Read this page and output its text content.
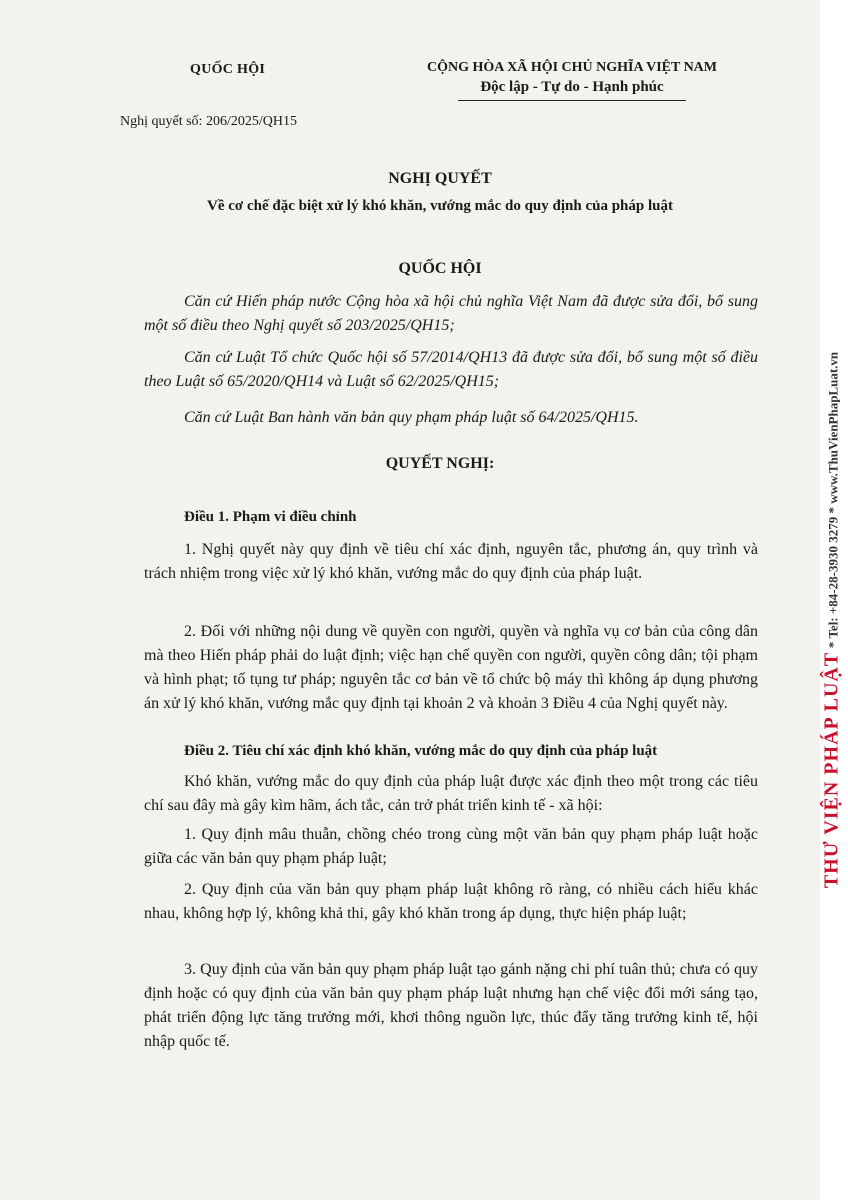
QUỐC HỘI	CỘNG HÒA XÃ HỘI CHỦ NGHĨA VIỆT NAM
Độc lập - Tự do - Hạnh phúc
Nghị quyết số: 206/2025/QH15
NGHỊ QUYẾT
Về cơ chế đặc biệt xử lý khó khăn, vướng mắc do quy định của pháp luật
QUỐC HỘI
Căn cứ Hiến pháp nước Cộng hòa xã hội chủ nghĩa Việt Nam đã được sửa đổi, bổ sung một số điều theo Nghị quyết số 203/2025/QH15;
Căn cứ Luật Tổ chức Quốc hội số 57/2014/QH13 đã được sửa đổi, bổ sung một số điều theo Luật số 65/2020/QH14 và Luật số 62/2025/QH15;
Căn cứ Luật Ban hành văn bản quy phạm pháp luật số 64/2025/QH15.
QUYẾT NGHỊ:
Điều 1. Phạm vi điều chỉnh
1. Nghị quyết này quy định về tiêu chí xác định, nguyên tắc, phương án, quy trình và trách nhiệm trong việc xử lý khó khăn, vướng mắc do quy định của pháp luật.
2. Đối với những nội dung về quyền con người, quyền và nghĩa vụ cơ bản của công dân mà theo Hiến pháp phải do luật định; việc hạn chế quyền con người, quyền công dân; tội phạm và hình phạt; tố tụng tư pháp; nguyên tắc cơ bản về tổ chức bộ máy thì không áp dụng phương án xử lý khó khăn, vướng mắc quy định tại khoản 2 và khoản 3 Điều 4 của Nghị quyết này.
Điều 2. Tiêu chí xác định khó khăn, vướng mắc do quy định của pháp luật
Khó khăn, vướng mắc do quy định của pháp luật được xác định theo một trong các tiêu chí sau đây mà gây kìm hãm, ách tắc, cản trở phát triển kinh tế - xã hội:
1. Quy định mâu thuẫn, chồng chéo trong cùng một văn bản quy phạm pháp luật hoặc giữa các văn bản quy phạm pháp luật;
2. Quy định của văn bản quy phạm pháp luật không rõ ràng, có nhiều cách hiểu khác nhau, không hợp lý, không khả thi, gây khó khăn trong áp dụng, thực hiện pháp luật;
3. Quy định của văn bản quy phạm pháp luật tạo gánh nặng chi phí tuân thủ; chưa có quy định hoặc có quy định của văn bản quy phạm pháp luật nhưng hạn chế việc đổi mới sáng tạo, phát triển động lực tăng trưởng mới, khơi thông nguồn lực, thúc đẩy tăng trưởng kinh tế, hội nhập quốc tế.
THƯ VIỆN PHÁP LUẬT * Tel: +84-28-3930 3279 * www.ThuVienPhapLuat.vn
